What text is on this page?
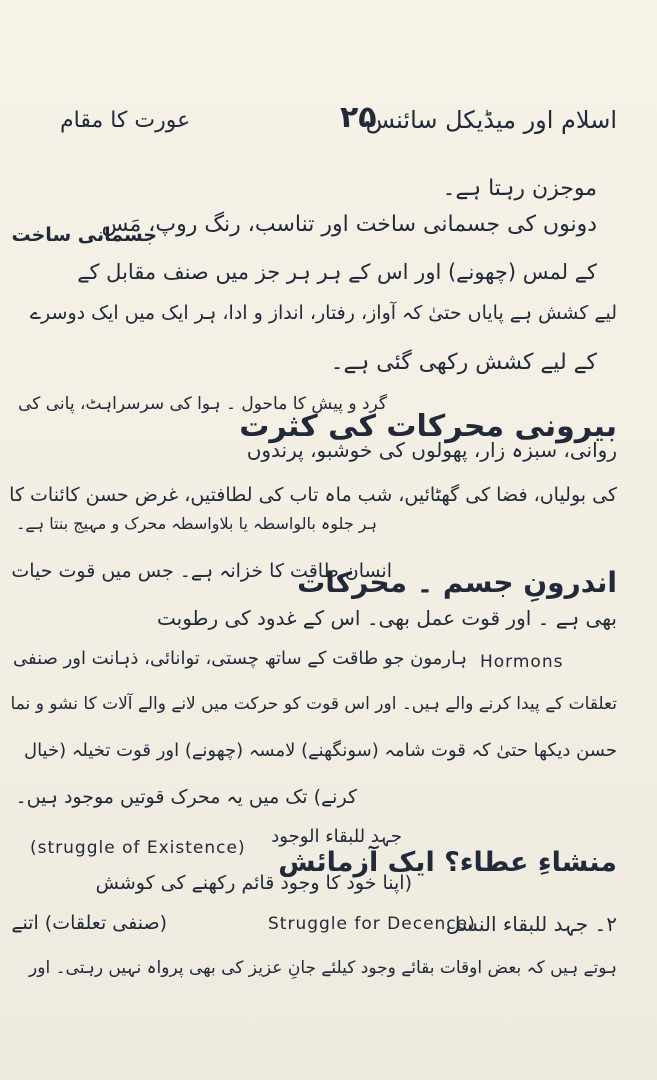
عورت کا مقام	۲۵
اسلام اور میڈیکل سائنس
موجزن رہتا ہے۔
جسمانی ساخت
دونوں کی جسمانی ساخت اور تناسب، رنگ روپ، مَس
کے لمس (چھونے) اور اس کے ہر ہر جز میں صنف مقابل کے
لیے کشش ہے پایاں حتیٰ کہ آواز، رفتار، انداز و ادا، ہر ایک میں ایک دوسرے
کے لیے کشش رکھی گئی ہے۔
بیرونی محرکات کی کثرت
گرد و پیش کا ماحول ۔ ہوا کی سرسراہٹ، پانی کی
روانی، سبزہ زار، پھولوں کی خوشبو، پرندوں
کی بولیاں، فضا کی گھٹائیں، شب ماہ تاب کی لطافتیں، غرض حسن کائنات کا
ہر جلوہ بالواسطہ یا بلاواسطہ محرک و مہیج بنتا ہے۔
اندرونِ جسم ۔ محرکات
انسان طاقت کا خزانہ ہے۔ جس میں قوت حیات
بھی ہے ۔ اور قوت عمل بھی۔ اس کے غدود کی رطوبت
Hormons
ہارمون جو طاقت کے ساتھ چستی، توانائی، ذہانت اور صنفی
تعلقات کے پیدا کرنے والے ہیں۔ اور اس قوت کو حرکت میں لانے والے آلات کا نشو و نما
حسن دیکھا حتیٰ کہ قوت شامہ (سونگھنے) لامسہ (چھونے) اور قوت تخیلہ (خیال
کرنے) تک میں یہ محرک قوتیں موجود ہیں۔
منشاءِ عطاء؟ ایک آزمائش
(struggle of Existence)
جہد للبقاء الوجود
(اپنا خود کا وجود قائم رکھنے کی کوشش
۲۔ جہد للبقاء النسل
Struggle for Decence)
(صنفی تعلقات) اتنے
ہوتے ہیں کہ بعض اوقات بقائے وجود کیلئے جانِ عزیز کی بھی پرواہ نہیں رہتی۔ اور
